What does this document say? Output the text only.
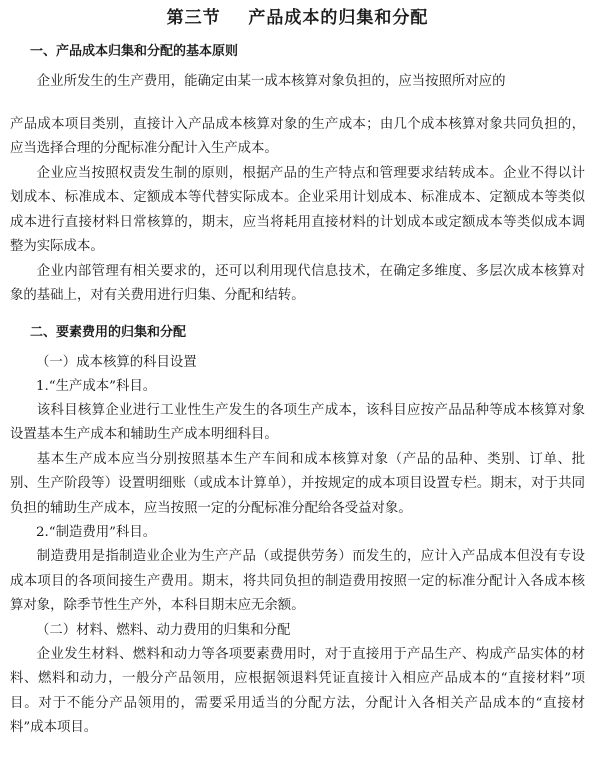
第三节    产品成本的归集和分配
一、产品成本归集和分配的基本原则

企业所发生的生产费用，能确定由某一成本核算对象负担的，应当按照所对应的

产品成本项目类别，直接计入产品成本核算对象的生产成本；由几个成本核算对象共同负担的，应当选择合理的分配标准分配计入生产成本。

企业应当按照权责发生制的原则，根据产品的生产特点和管理要求结转成本。企业不得以计划成本、标准成本、定额成本等代替实际成本。企业采用计划成本、标准成本、定额成本等类似成本进行直接材料日常核算的，期末，应当将耗用直接材料的计划成本或定额成本等类似成本调整为实际成本。

企业内部管理有相关要求的，还可以利用现代信息技术，在确定多维度、多层次成本核算对象的基础上，对有关费用进行归集、分配和结转。

二、要素费用的归集和分配
（一）成本核算的科目设置
1.“生产成本”科目。

该科目核算企业进行工业性生产发生的各项生产成本，该科目应按产品品种等成本核算对象设置基本生产成本和辅助生产成本明细科目。

基本生产成本应当分别按照基本生产车间和成本核算对象（产品的品种、类别、订单、批别、生产阶段等）设置明细账（或成本计算单），并按规定的成本项目设置专栏。期末，对于共同负担的辅助生产成本，应当按照一定的分配标准分配给各受益对象。

2.“制造费用”科目。

制造费用是指制造业企业为生产产品（或提供劳务）而发生的，应计入产品成本但没有专设成本项目的各项间接生产费用。期末，将共同负担的制造费用按照一定的标准分配计入各成本核算对象，除季节性生产外，本科目期末应无余额。

（二）材料、燃料、动力费用的归集和分配

企业发生材料、燃料和动力等各项要素费用时，对于直接用于产品生产、构成产品实体的材料、燃料和动力，一般分产品领用，应根据领退料凭证直接计入相应产品成本的“直接材料”项目。对于不能分产品领用的，需要采用适当的分配方法，分配计入各相关产品成本的“直接材料”成本项目。
